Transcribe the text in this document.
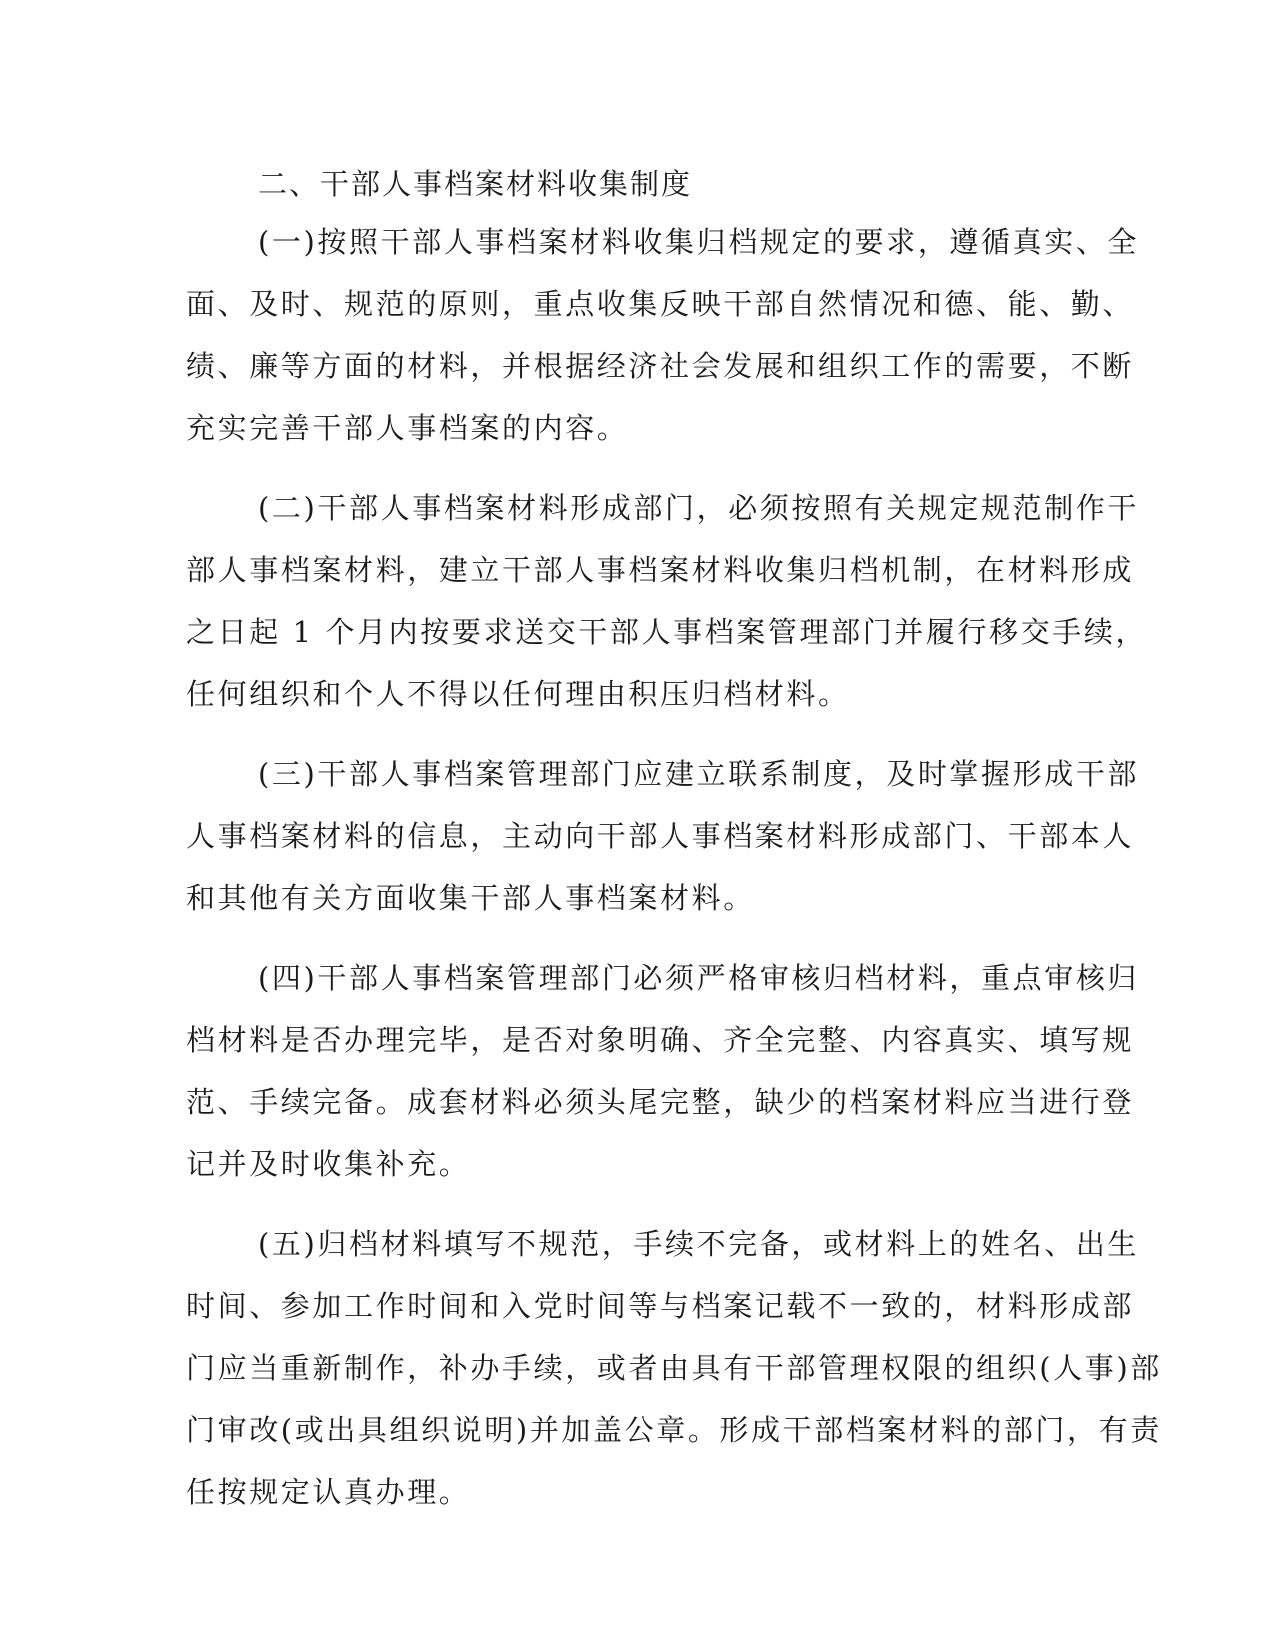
二、干部人事档案材料收集制度

(一)按照干部人事档案材料收集归档规定的要求，遵循真实、全
面、及时、规范的原则，重点收集反映干部自然情况和德、能、勤、
绩、廉等方面的材料，并根据经济社会发展和组织工作的需要，不断
充实完善干部人事档案的内容。

(二)干部人事档案材料形成部门，必须按照有关规定规范制作干
部人事档案材料，建立干部人事档案材料收集归档机制，在材料形成
之日起 1 个月内按要求送交干部人事档案管理部门并履行移交手续，
任何组织和个人不得以任何理由积压归档材料。

(三)干部人事档案管理部门应建立联系制度，及时掌握形成干部
人事档案材料的信息，主动向干部人事档案材料形成部门、干部本人
和其他有关方面收集干部人事档案材料。

(四)干部人事档案管理部门必须严格审核归档材料，重点审核归
档材料是否办理完毕，是否对象明确、齐全完整、内容真实、填写规
范、手续完备。成套材料必须头尾完整，缺少的档案材料应当进行登
记并及时收集补充。

(五)归档材料填写不规范，手续不完备，或材料上的姓名、出生
时间、参加工作时间和入党时间等与档案记载不一致的，材料形成部
门应当重新制作，补办手续，或者由具有干部管理权限的组织(人事)部
门审改(或出具组织说明)并加盖公章。形成干部档案材料的部门，有责
任按规定认真办理。
